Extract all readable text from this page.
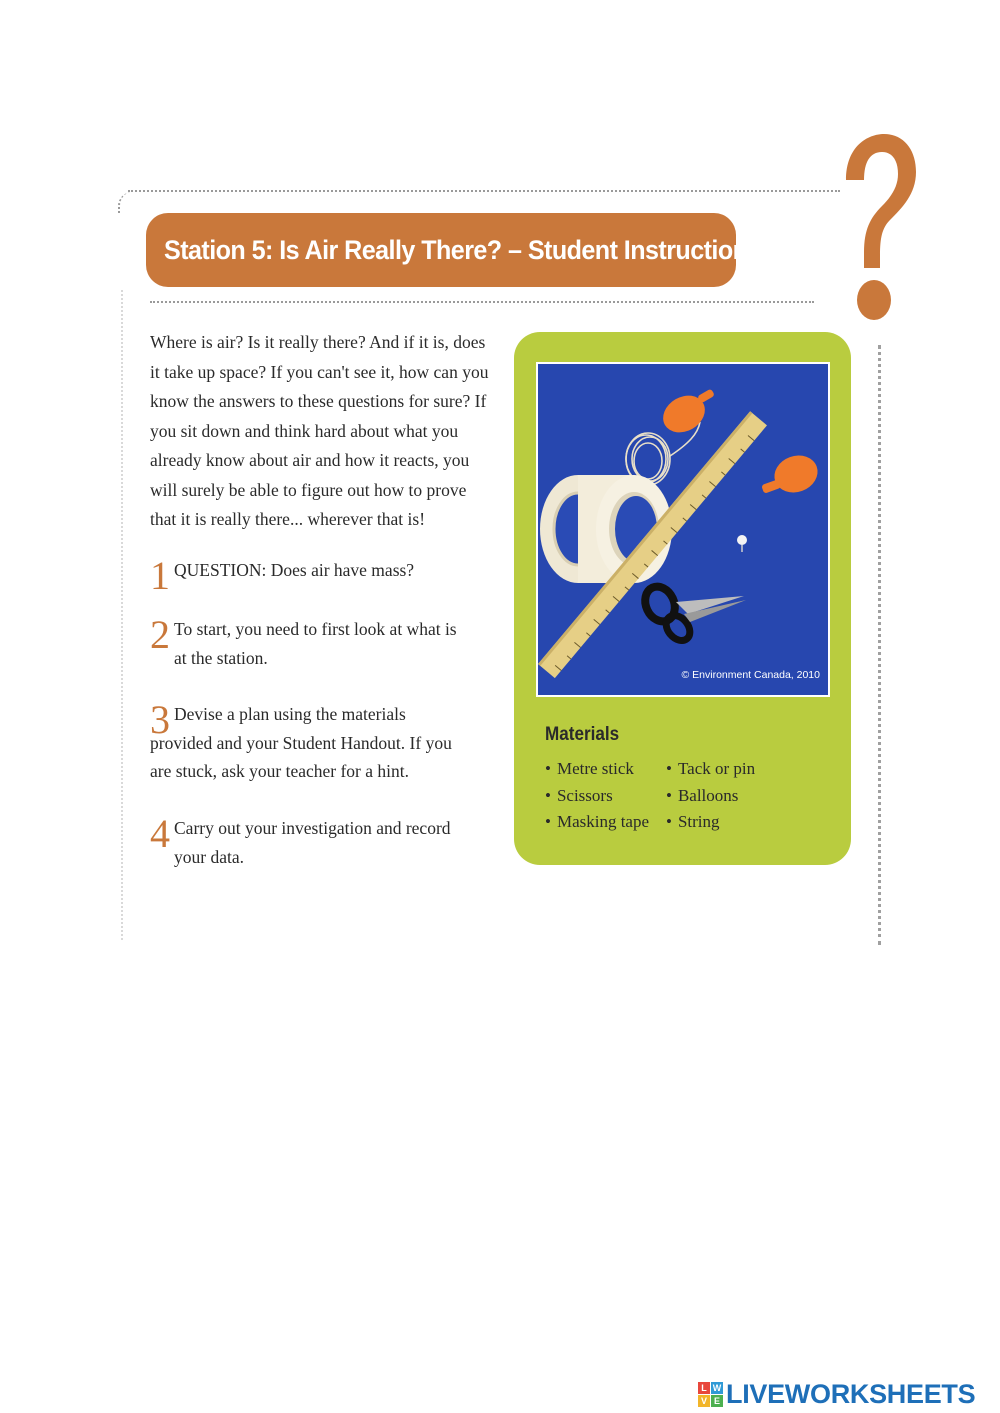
Station 5: Is Air Really There? – Student Instructions
Where is air? Is it really there? And if it is, does it take up space? If you can't see it, how can you know the answers to these questions for sure? If you sit down and think hard about what you already know about air and how it reacts, you will surely be able to figure out how to prove that it is really there... wherever that is!
1 QUESTION: Does air have mass?
2 To start, you need to first look at what is at the station.
3 Devise a plan using the materials provided and your Student Handout. If you are stuck, ask your teacher for a hint.
4 Carry out your investigation and record your data.
© Environment Canada, 2010
Materials
• Metre stick
• Scissors
• Masking tape
• Tack or pin
• Balloons
• String
L W
V E LIVEWORKSHEETS
